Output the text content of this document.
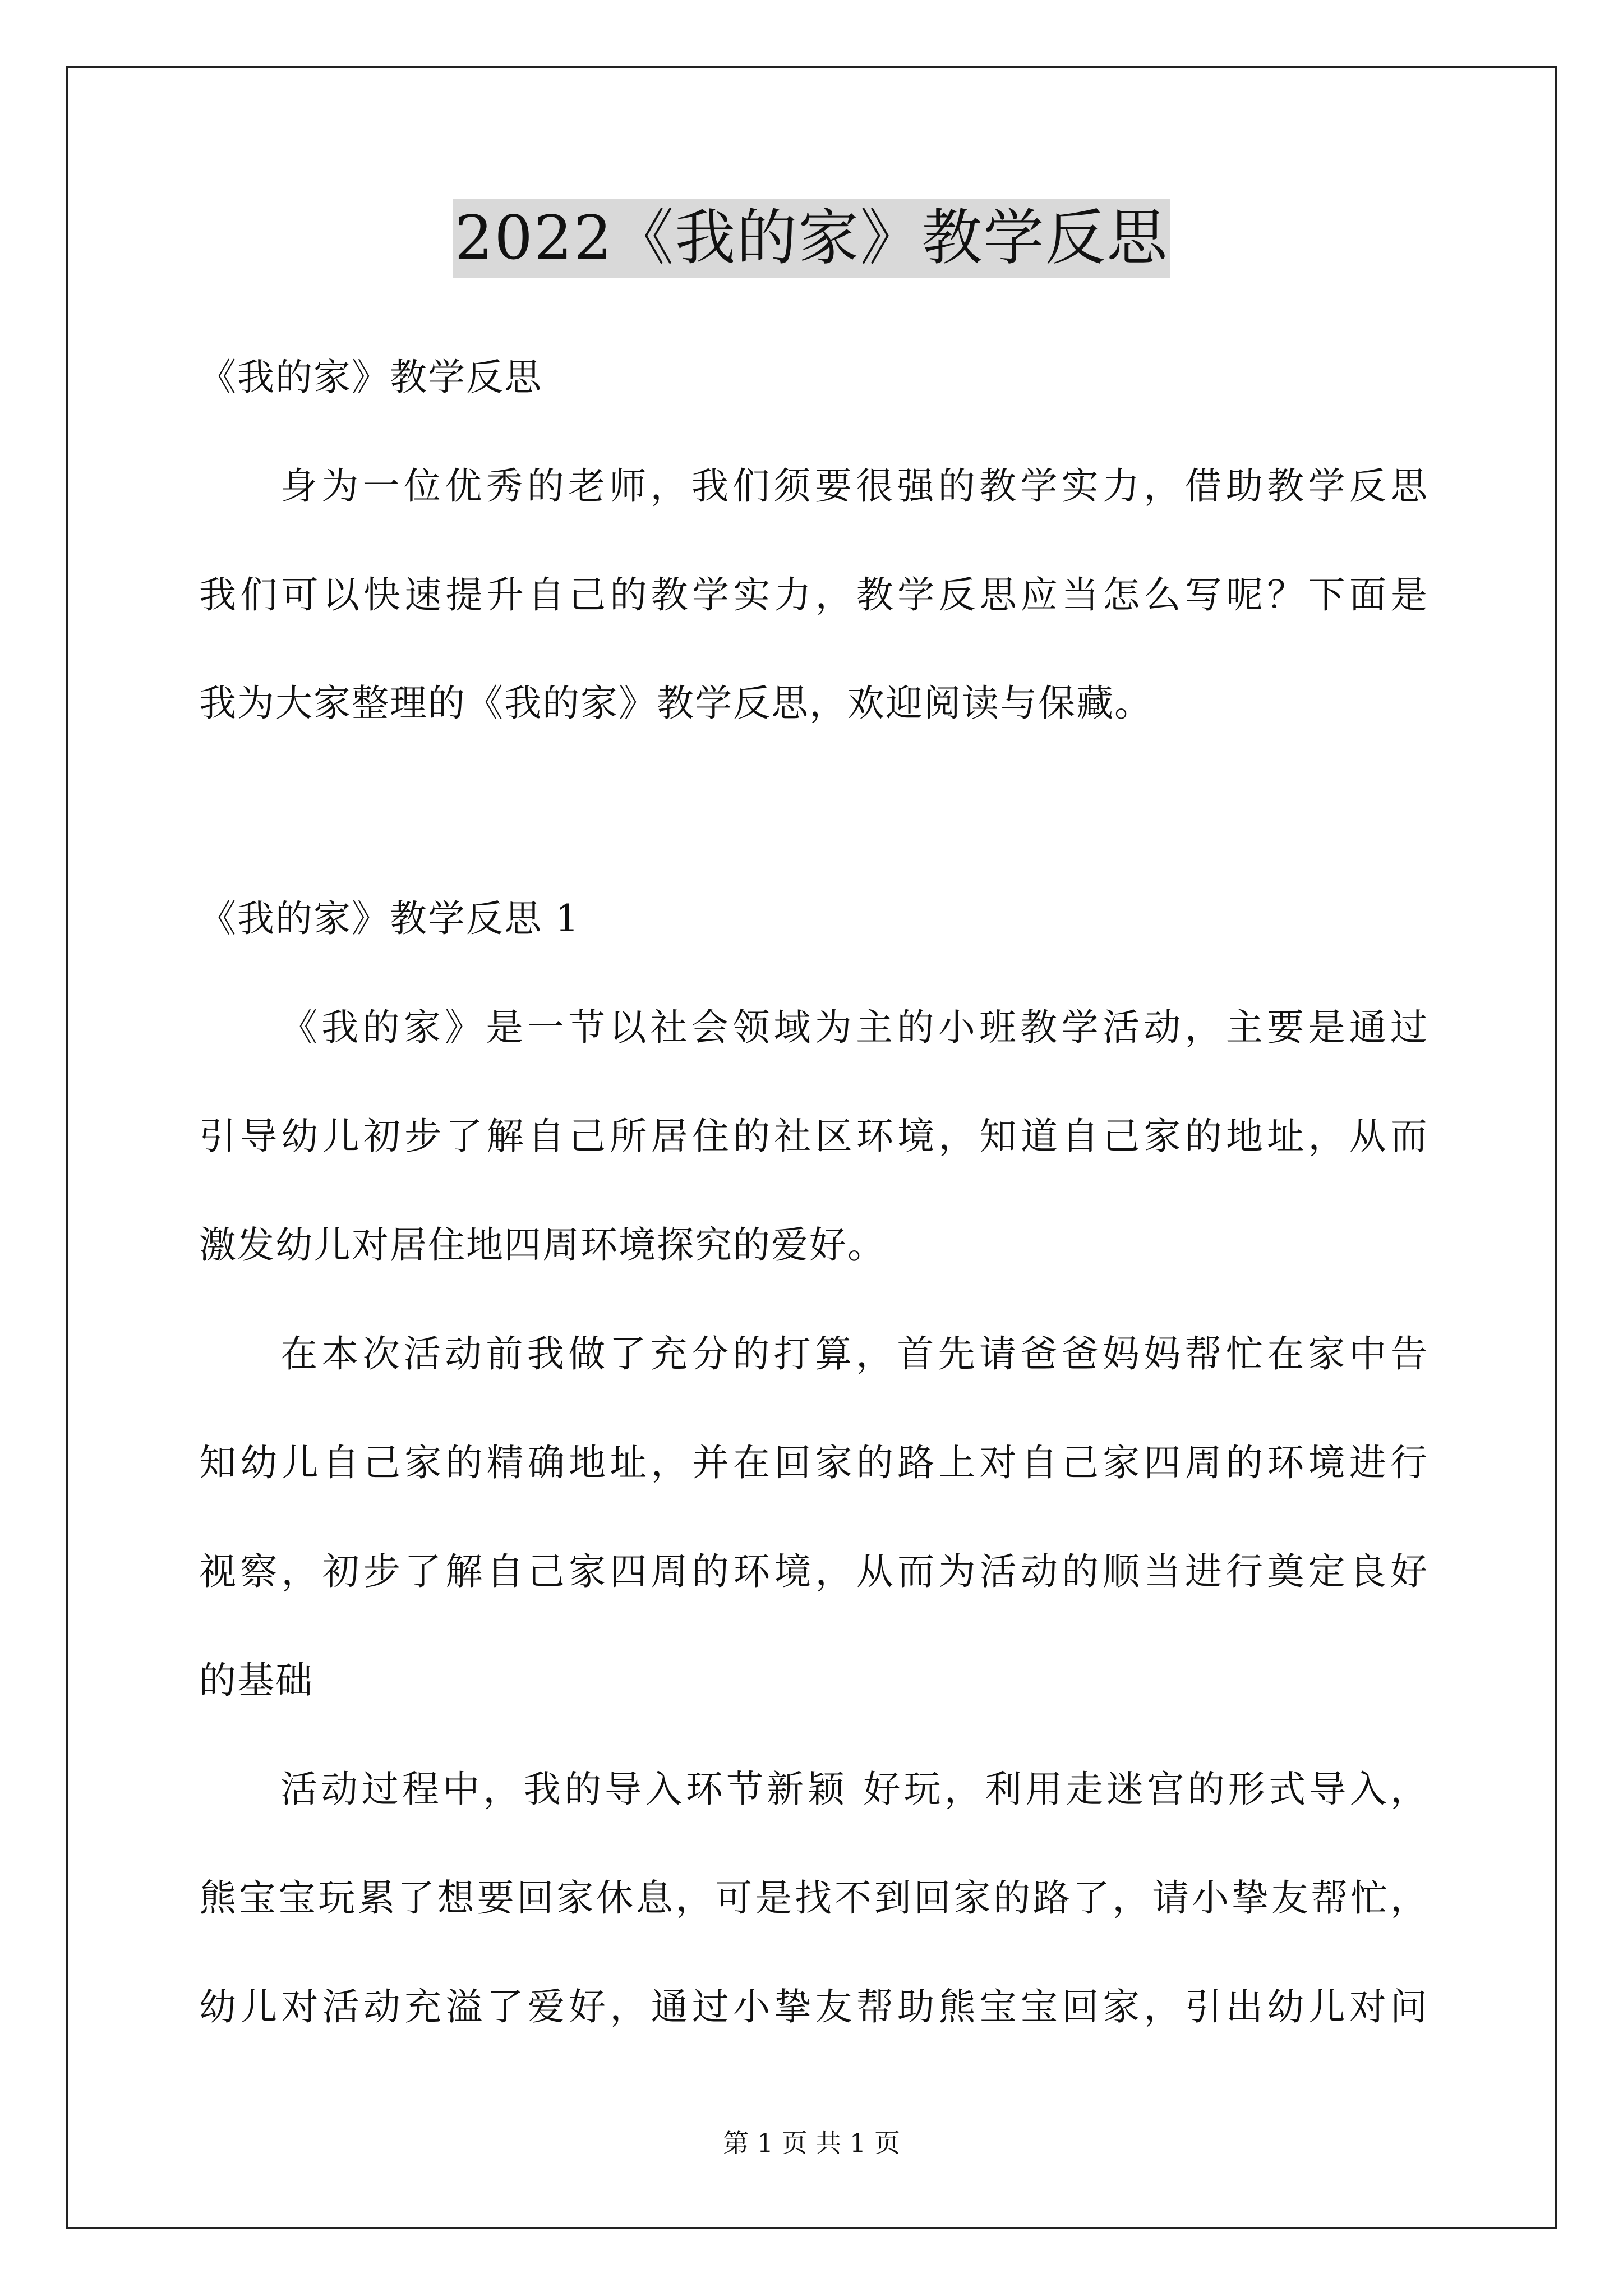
2022《我的家》教学反思
《我的家》教学反思
身为一位优秀的老师，我们须要很强的教学实力，借助教学反思
我们可以快速提升自己的教学实力，教学反思应当怎么写呢？下面是
我为大家整理的《我的家》教学反思，欢迎阅读与保藏。
《我的家》教学反思 1
《我的家》是一节以社会领域为主的小班教学活动，主要是通过
引导幼儿初步了解自己所居住的社区环境，知道自己家的地址，从而
激发幼儿对居住地四周环境探究的爱好。
在本次活动前我做了充分的打算，首先请爸爸妈妈帮忙在家中告
知幼儿自己家的精确地址，并在回家的路上对自己家四周的环境进行
视察，初步了解自己家四周的环境，从而为活动的顺当进行奠定良好
的基础
活动过程中，我的导入环节新颖 好玩，利用走迷宫的形式导入，
熊宝宝玩累了想要回家休息，可是找不到回家的路了，请小挚友帮忙，
幼儿对活动充溢了爱好，通过小挚友帮助熊宝宝回家，引出幼儿对问
第 1 页 共 1 页
